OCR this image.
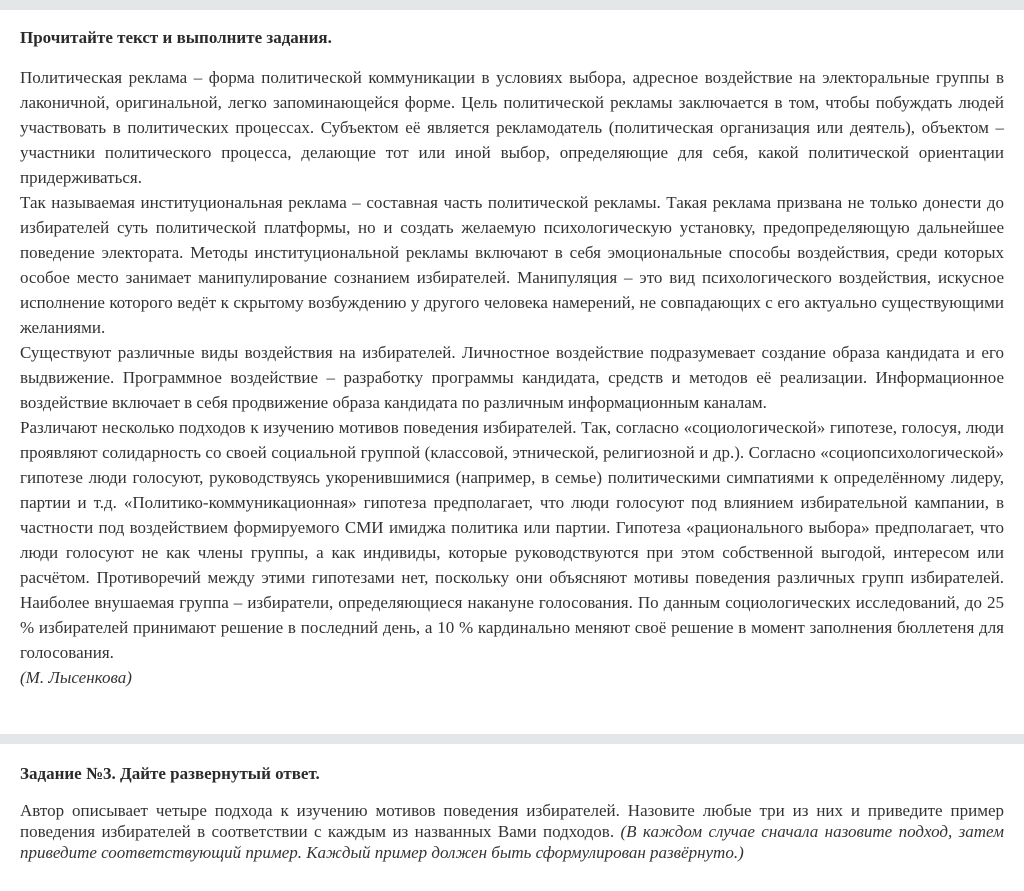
Прочитайте текст и выполните задания.

Политическая реклама – форма политической коммуникации в условиях выбора, адресное воздействие на электоральные группы в лаконичной, оригинальной, легко запоминающейся форме. Цель политической рекламы заключается в том, чтобы побуждать людей участвовать в политических процессах. Субъектом её является рекламодатель (политическая организация или деятель), объектом – участники политического процесса, делающие тот или иной выбор, определяющие для себя, какой политической ориентации придерживаться.

Так называемая институциональная реклама – составная часть политической рекламы. Такая реклама призвана не только донести до избирателей суть политической платформы, но и создать желаемую психологическую установку, предопределяющую дальнейшее поведение электората. Методы институциональной рекламы включают в себя эмоциональные способы воздействия, среди которых особое место занимает манипулирование сознанием избирателей. Манипуляция – это вид психологического воздействия, искусное исполнение которого ведёт к скрытому возбуждению у другого человека намерений, не совпадающих с его актуально существующими желаниями.

Существуют различные виды воздействия на избирателей. Личностное воздействие подразумевает создание образа кандидата и его выдвижение. Программное воздействие – разработку программы кандидата, средств и методов её реализации. Информационное воздействие включает в себя продвижение образа кандидата по различным информационным каналам.

Различают несколько подходов к изучению мотивов поведения избирателей. Так, согласно «социологической» гипотезе, голосуя, люди проявляют солидарность со своей социальной группой (классовой, этнической, религиозной и др.). Согласно «социопсихологической» гипотезе люди голосуют, руководствуясь укоренившимися (например, в семье) политическими симпатиями к определённому лидеру, партии и т.д. «Политико-коммуникационная» гипотеза предполагает, что люди голосуют под влиянием избирательной кампании, в частности под воздействием формируемого СМИ имиджа политика или партии. Гипотеза «рационального выбора» предполагает, что люди голосуют не как члены группы, а как индивиды, которые руководствуются при этом собственной выгодой, интересом или расчётом. Противоречий между этими гипотезами нет, поскольку они объясняют мотивы поведения различных групп избирателей. Наиболее внушаемая группа – избиратели, определяющиеся накануне голосования. По данным социологических исследований, до 25 % избирателей принимают решение в последний день, а 10 % кардинально меняют своё решение в момент заполнения бюллетеня для голосования.

(М. Лысенкова)

Задание №3. Дайте развернутый ответ.

Автор описывает четыре подхода к изучению мотивов поведения избирателей. Назовите любые три из них и приведите пример поведения избирателей в соответствии с каждым из названных Вами подходов. (В каждом случае сначала назовите подход, затем приведите соответствующий пример. Каждый пример должен быть сформулирован развёрнуто.)
